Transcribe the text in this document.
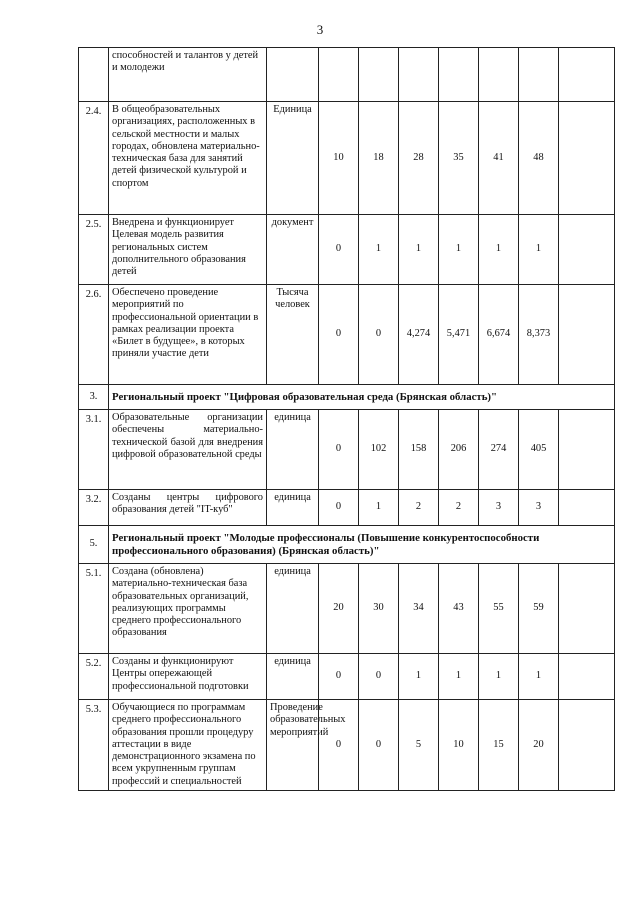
3
	способностей и талантов у детей и молодежи								
2.4.	В общеобразовательных организациях, расположенных в сельской местности и малых городах, обновлена материально-техническая база для занятий детей физической культурой и спортом	Единица	10	18	28	35	41	48	
2.5.	Внедрена и функционирует Целевая модель развития региональных систем дополнительного образования детей	документ	0	1	1	1	1	1	
2.6.	Обеспечено проведение мероприятий по профессиональной ориентации в рамках реализации проекта «Билет в будущее», в которых приняли участие дети	Тысяча человек	0	0	4,274	5,471	6,674	8,373	
3.	Региональный проект "Цифровая образовательная среда (Брянская область)"								
3.1.	Образовательные организации обеспечены материально-технической базой для внедрения цифровой образовательной среды	единица	0	102	158	206	274	405	
3.2.	Созданы центры цифрового образования детей "IT-куб"	единица	0	1	2	2	3	3	
5.	Региональный проект "Молодые профессионалы (Повышение конкурентоспособности профессионального образования) (Брянская область)"								
5.1.	Создана (обновлена) материально-техническая база образовательных организаций, реализующих программы среднего профессионального образования	единица	20	30	34	43	55	59	
5.2.	Созданы и функционируют Центры опережающей профессиональной подготовки	единица	0	0	1	1	1	1	
5.3.	Обучающиеся по программам среднего профессионального образования прошли процедуру аттестации в виде демонстрационного экзамена по всем укрупненным группам профессий и специальностей	Проведение образовательных мероприятий	0	0	5	10	15	20	
